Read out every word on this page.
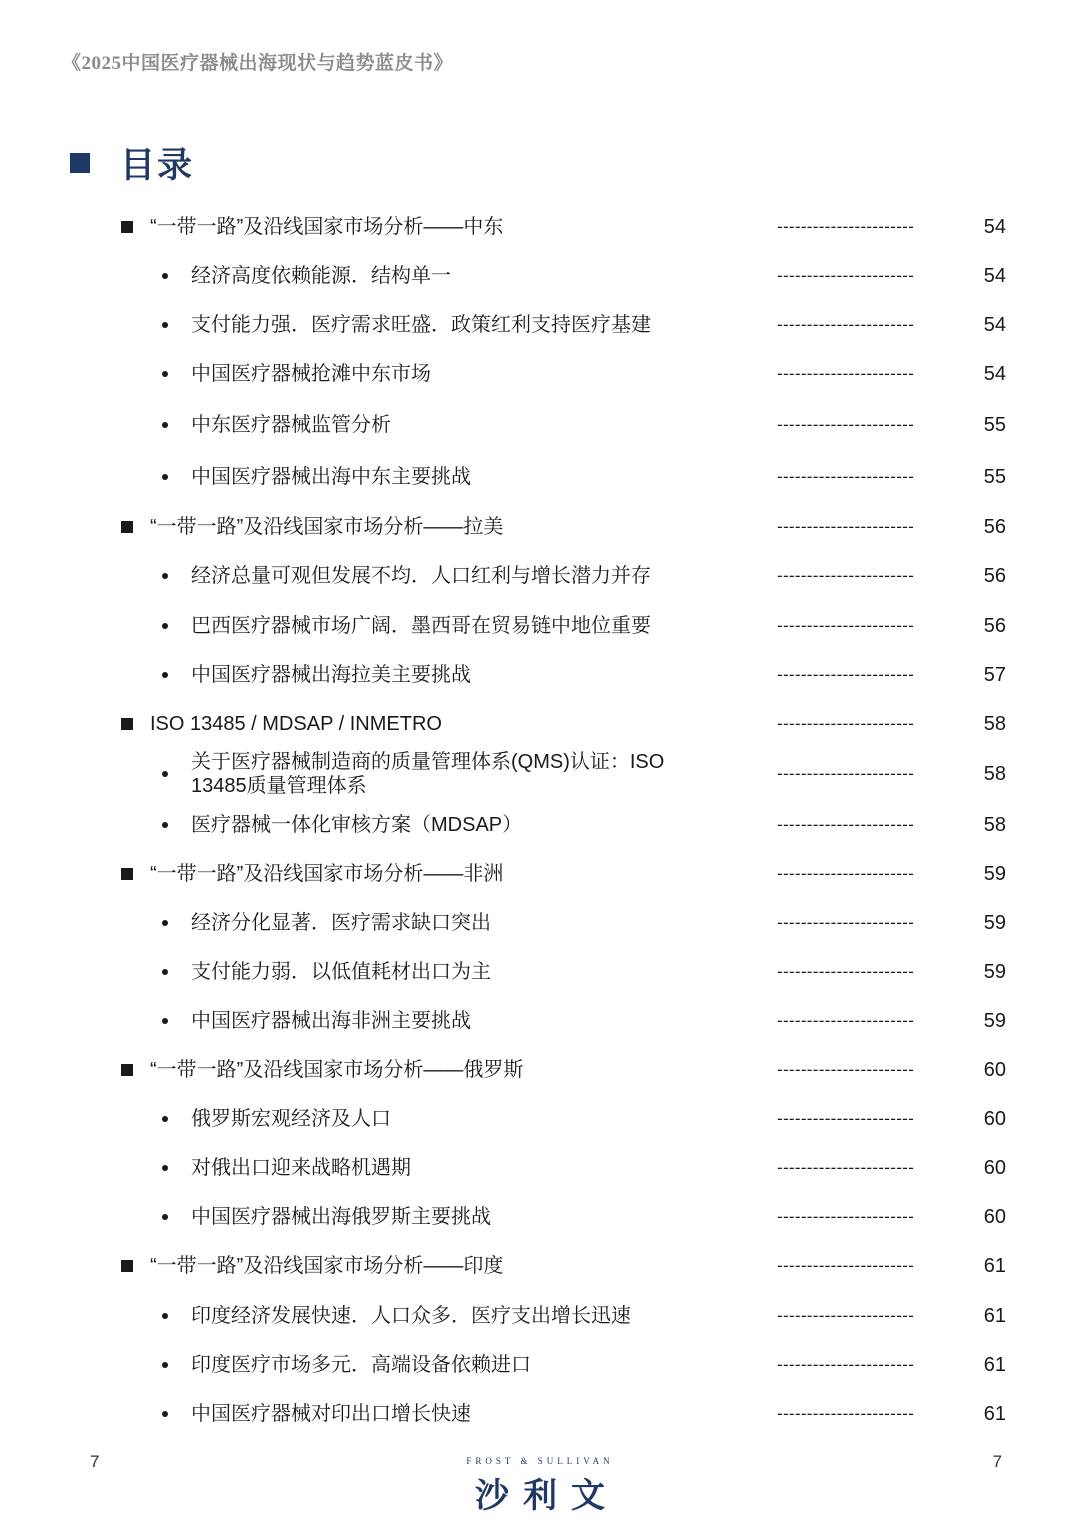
《2025中国医疗器械出海现状与趋势蓝皮书》
目录
“一带一路”及沿线国家市场分析——中东	-----------------------	54
经济高度依赖能源．结构单一	-----------------------	54
支付能力强．医疗需求旺盛．政策红利支持医疗基建	-----------------------	54
中国医疗器械抢滩中东市场	-----------------------	54
中东医疗器械监管分析	-----------------------	55
中国医疗器械出海中东主要挑战	-----------------------	55
“一带一路”及沿线国家市场分析——拉美	-----------------------	56
经济总量可观但发展不均．人口红利与增长潜力并存	-----------------------	56
巴西医疗器械市场广阔．墨西哥在贸易链中地位重要	-----------------------	56
中国医疗器械出海拉美主要挑战	-----------------------	57
ISO 13485 / MDSAP / INMETRO	-----------------------	58
关于医疗器械制造商的质量管理体系(QMS)认证：ISO
13485质量管理体系
-----------------------	58
医疗器械一体化审核方案（MDSAP）	-----------------------	58
“一带一路”及沿线国家市场分析——非洲	-----------------------	59
经济分化显著．医疗需求缺口突出	-----------------------	59
支付能力弱．以低值耗材出口为主	-----------------------	59
中国医疗器械出海非洲主要挑战	-----------------------	59
“一带一路”及沿线国家市场分析——俄罗斯	-----------------------	60
俄罗斯宏观经济及人口	-----------------------	60
对俄出口迎来战略机遇期	-----------------------	60
中国医疗器械出海俄罗斯主要挑战	-----------------------	60
“一带一路”及沿线国家市场分析——印度	-----------------------	61
印度经济发展快速．人口众多．医疗支出增长迅速	-----------------------	61
印度医疗市场多元．高端设备依赖进口	-----------------------	61
中国医疗器械对印出口增长快速	-----------------------	61
7	FROST & SULLIVAN
沙利文
7
